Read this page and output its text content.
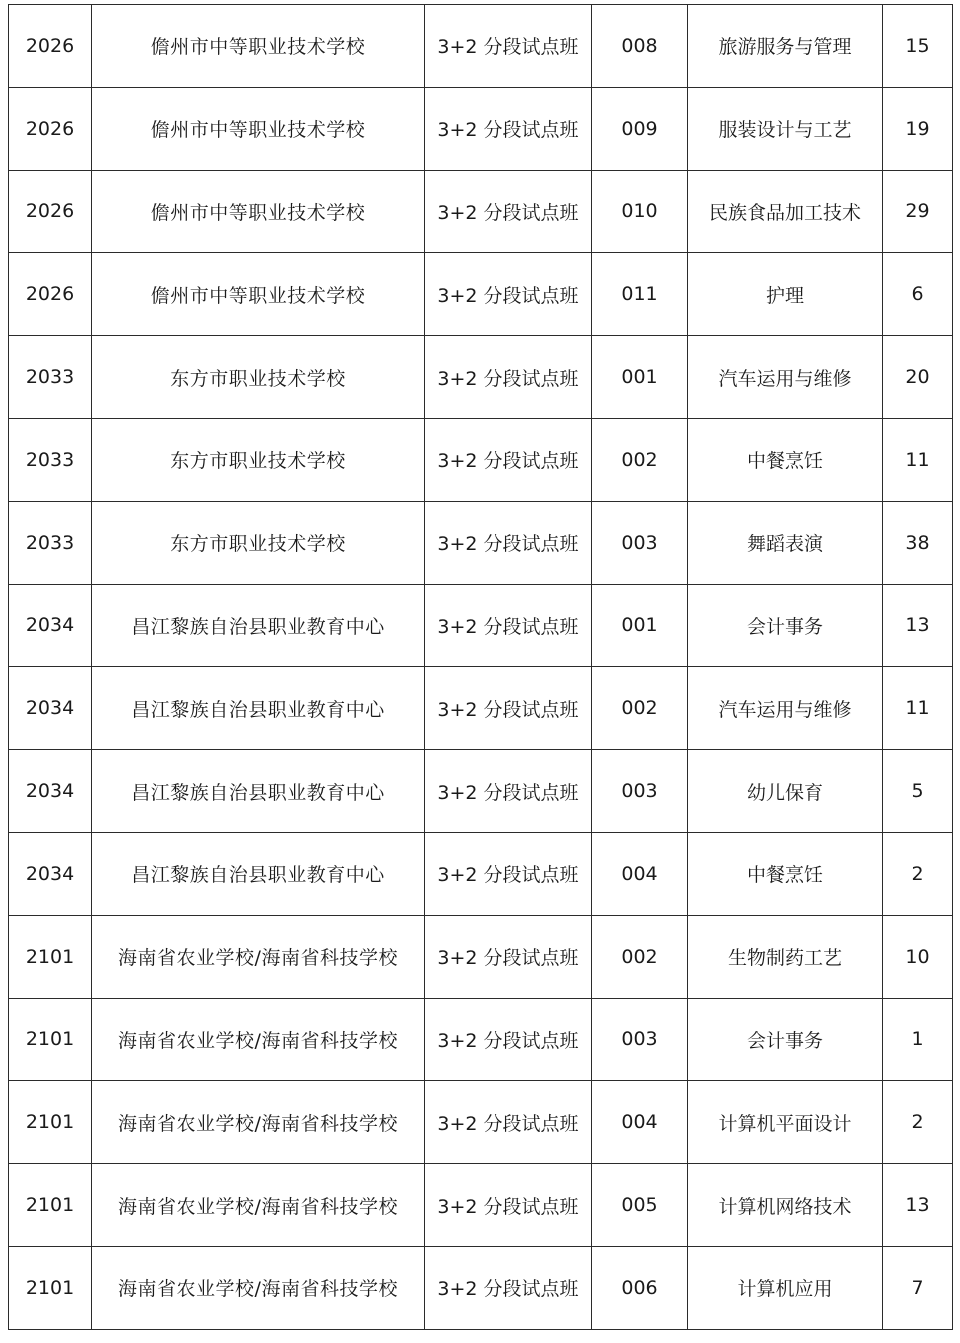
2026	儋州市中等职业技术学校	3+2 分段试点班	008	旅游服务与管理	15
2026	儋州市中等职业技术学校	3+2 分段试点班	009	服装设计与工艺	19
2026	儋州市中等职业技术学校	3+2 分段试点班	010	民族食品加工技术	29
2026	儋州市中等职业技术学校	3+2 分段试点班	011	护理	6
2033	东方市职业技术学校	3+2 分段试点班	001	汽车运用与维修	20
2033	东方市职业技术学校	3+2 分段试点班	002	中餐烹饪	11
2033	东方市职业技术学校	3+2 分段试点班	003	舞蹈表演	38
2034	昌江黎族自治县职业教育中心	3+2 分段试点班	001	会计事务	13
2034	昌江黎族自治县职业教育中心	3+2 分段试点班	002	汽车运用与维修	11
2034	昌江黎族自治县职业教育中心	3+2 分段试点班	003	幼儿保育	5
2034	昌江黎族自治县职业教育中心	3+2 分段试点班	004	中餐烹饪	2
2101	海南省农业学校/海南省科技学校	3+2 分段试点班	002	生物制药工艺	10
2101	海南省农业学校/海南省科技学校	3+2 分段试点班	003	会计事务	1
2101	海南省农业学校/海南省科技学校	3+2 分段试点班	004	计算机平面设计	2
2101	海南省农业学校/海南省科技学校	3+2 分段试点班	005	计算机网络技术	13
2101	海南省农业学校/海南省科技学校	3+2 分段试点班	006	计算机应用	7
